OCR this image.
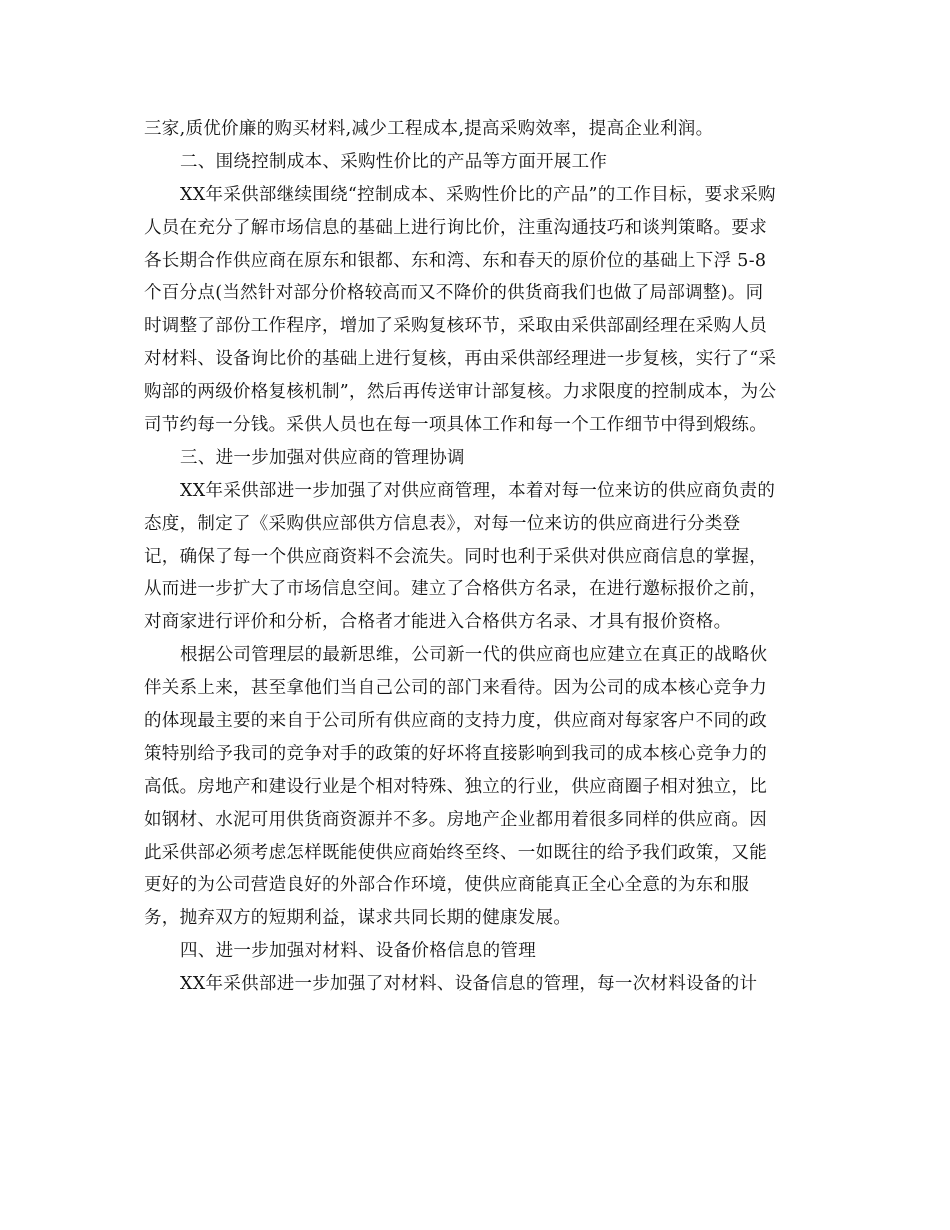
三家,质优价廉的购买材料,减少工程成本,提高采购效率，提高企业利润。
二、围绕控制成本、采购性价比的产品等方面开展工作
XX年采供部继续围绕“控制成本、采购性价比的产品”的工作目标，要求采购
人员在充分了解市场信息的基础上进行询比价，注重沟通技巧和谈判策略。要求
各长期合作供应商在原东和银都、东和湾、东和春天的原价位的基础上下浮 5-8
个百分点(当然针对部分价格较高而又不降价的供货商我们也做了局部调整)。同
时调整了部份工作程序，增加了采购复核环节，采取由采供部副经理在采购人员
对材料、设备询比价的基础上进行复核，再由采供部经理进一步复核，实行了“采
购部的两级价格复核机制”，然后再传送审计部复核。力求限度的控制成本，为公
司节约每一分钱。采供人员也在每一项具体工作和每一个工作细节中得到煅练。
三、进一步加强对供应商的管理协调
XX年采供部进一步加强了对供应商管理，本着对每一位来访的供应商负责的
态度，制定了《采购供应部供方信息表》，对每一位来访的供应商进行分类登
记，确保了每一个供应商资料不会流失。同时也利于采供对供应商信息的掌握，
从而进一步扩大了市场信息空间。建立了合格供方名录，在进行邀标报价之前，
对商家进行评价和分析，合格者才能进入合格供方名录、才具有报价资格。
根据公司管理层的最新思维，公司新一代的供应商也应建立在真正的战略伙
伴关系上来，甚至拿他们当自己公司的部门来看待。因为公司的成本核心竞争力
的体现最主要的来自于公司所有供应商的支持力度，供应商对每家客户不同的政
策特别给予我司的竞争对手的政策的好坏将直接影响到我司的成本核心竞争力的
高低。房地产和建设行业是个相对特殊、独立的行业，供应商圈子相对独立，比
如钢材、水泥可用供货商资源并不多。房地产企业都用着很多同样的供应商。因
此采供部必须考虑怎样既能使供应商始终至终、一如既往的给予我们政策，又能
更好的为公司营造良好的外部合作环境，使供应商能真正全心全意的为东和服
务，抛弃双方的短期利益，谋求共同长期的健康发展。
四、进一步加强对材料、设备价格信息的管理
XX年采供部进一步加强了对材料、设备信息的管理，每一次材料设备的计
